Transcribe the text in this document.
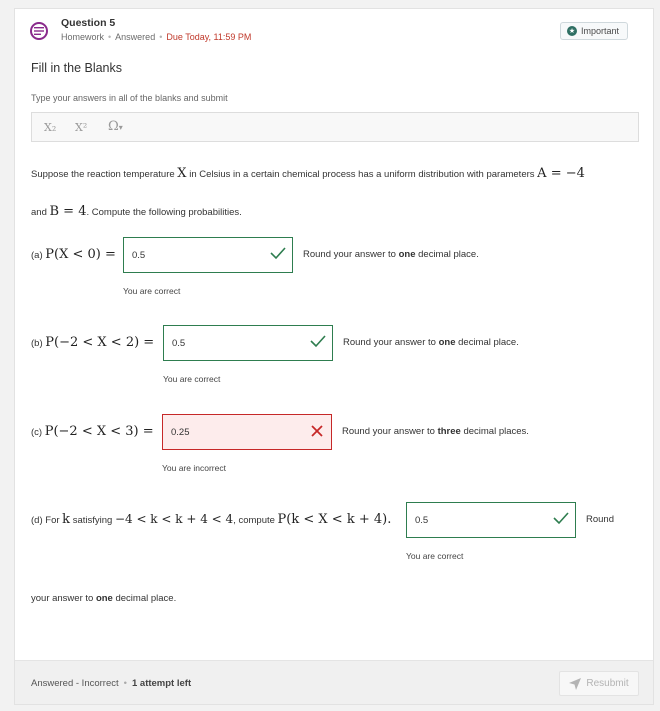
Question 5
Homework • Answered • Due Today, 11:59 PM
★ Important
Fill in the Blanks
Type your answers in all of the blanks and submit
X₂ X² Ω▾
Suppose the reaction temperature X in Celsius in a certain chemical process has a uniform distribution with parameters A = −4
and B = 4. Compute the following probabilities.
(a) P(X < 0) = 0.5	Round your answer to one decimal place.
You are correct
(b) P(−2 < X < 2) = 0.5	Round your answer to one decimal place.
You are correct
(c) P(−2 < X < 3) = 0.25	Round your answer to three decimal places.
You are incorrect
(d) For k satisfying −4 < k < k + 4 < 4, compute P(k < X < k + 4). 0.5	Round
You are correct
your answer to one decimal place.
Answered - Incorrect • 1 attempt left	Resubmit
